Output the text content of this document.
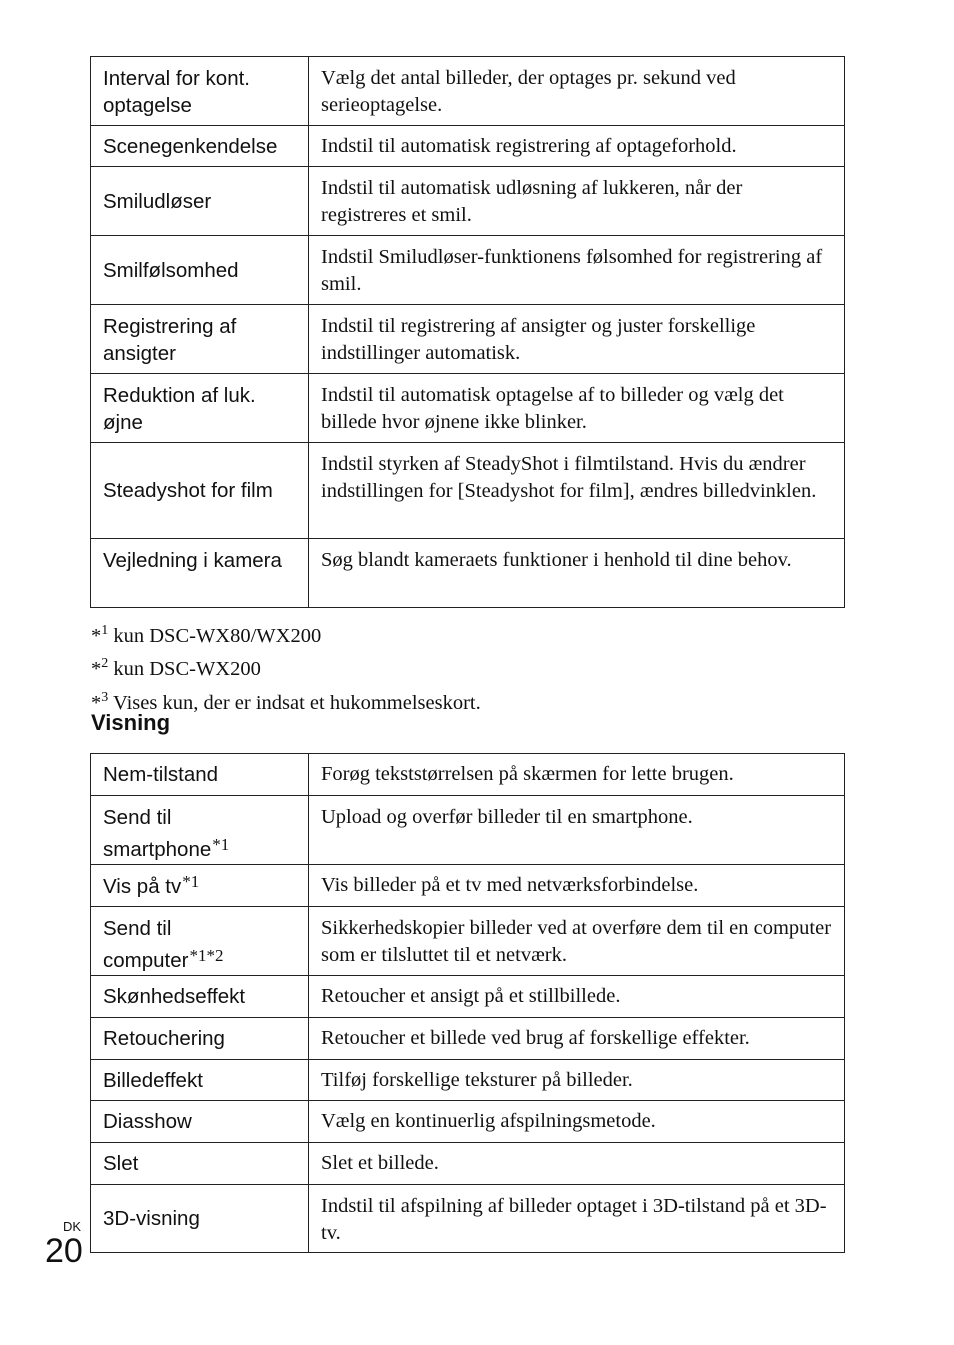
Interval for kont. optagelse	Vælg det antal billeder, der optages pr. sekund ved serieoptagelse.
Scenegenkendelse	Indstil til automatisk registrering af optageforhold.
Smiludløser	Indstil til automatisk udløsning af lukkeren, når der registreres et smil.
Smilfølsomhed	Indstil Smiludløser-funktionens følsomhed for registrering af smil.
Registrering af ansigter	Indstil til registrering af ansigter og juster forskellige indstillinger automatisk.
Reduktion af luk. øjne	Indstil til automatisk optagelse af to billeder og vælg det billede hvor øjnene ikke blinker.
Steadyshot for film	Indstil styrken af SteadyShot i filmtilstand. Hvis du ændrer indstillingen for [Steadyshot for film], ændres billedvinklen.
Vejledning i kamera	Søg blandt kameraets funktioner i henhold til dine behov.
*$^1$ kun DSC-WX80/WX200
*$^2$ kun DSC-WX200
*$^3$ Vises kun, der er indsat et hukommelseskort.
Visning
Nem-tilstand	Forøg tekststørrelsen på skærmen for lette brugen.
Send til smartphone$^{*1}$	Upload og overfør billeder til en smartphone.
Vis på tv$^{*1}$	Vis billeder på et tv med netværksforbindelse.
Send til computer$^{*1*2}$	Sikkerhedskopier billeder ved at overføre dem til en computer som er tilsluttet til et netværk.
Skønhedseffekt	Retoucher et ansigt på et stillbillede.
Retouchering	Retoucher et billede ved brug af forskellige effekter.
Billedeffekt	Tilføj forskellige teksturer på billeder.
Diasshow	Vælg en kontinuerlig afspilningsmetode.
Slet	Slet et billede.
3D-visning	Indstil til afspilning af billeder optaget i 3D-tilstand på et 3D-tv.
DK
20
